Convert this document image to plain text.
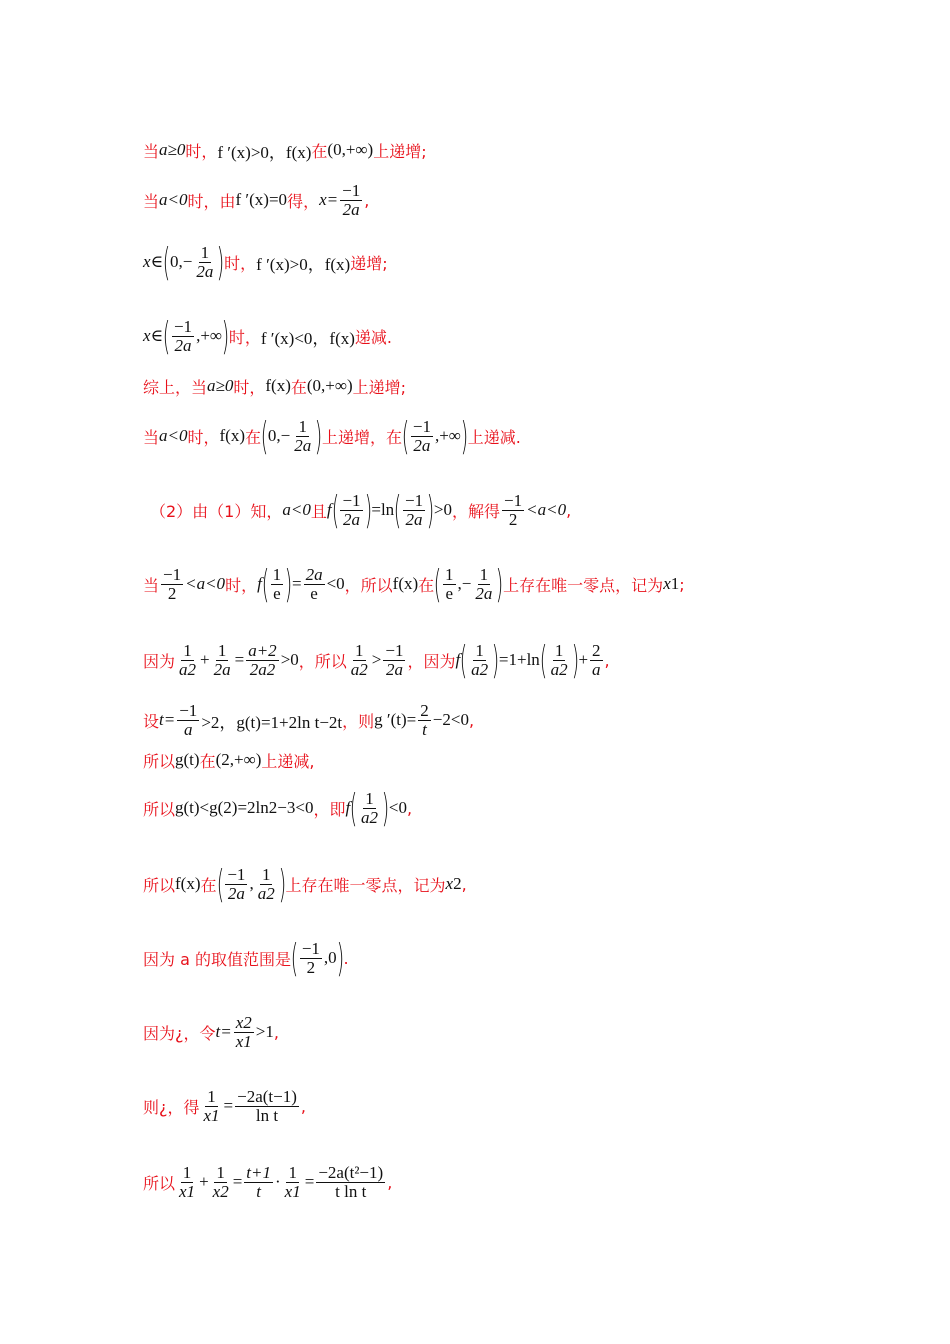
当 a≥0 时， f ′(x)>0，f(x) 在 (0,+∞) 上递增;
当 a<0 时，由 f ′(x)=0 得， $x= \frac{-1}{2a}$ ,
x∈ ( $0,- \frac{1}{2a}$ ) 时， f ′(x)>0，f(x) 递增;
x∈ ( $\frac{-1}{2a}$ ,+∞ ) 时， f ′(x)<0，f(x) 递减.
综上，当 a≥0 时， f(x) 在 (0,+∞) 上递增;
当 a<0 时， f(x) 在 ( $0,- \frac{1}{2a}$ ) 上递增，在 ( $\frac{-1}{2a}$ ,+∞ ) 上递减.
（2）由（1）知， a<0 且 f ( $\frac{-1}{2a}$ ) =ln ( $\frac{-1}{2a}$ ) >0 ，解得 $\frac{-1}{2} <a<0$ ,
当 $\frac{-1}{2} <a<0$ 时， f ( $\frac{1}{e}$ ) = $\frac{2a}{e} <0$ ，所以 f(x) 在 ( $\frac{1}{e}$ ,− $\frac{1}{2a}$ ) 上存在唯一零点，记为 x 1 ;
因为 $\frac{1}{a2} + \frac{1}{2a} = \frac{a+2}{2a2} >0$ ，所以 $\frac{1}{a2} > \frac{-1}{2a}$ ，因为 f ( $\frac{1}{a2}$ ) =1+ln ( $\frac{1}{a2}$ ) + $\frac{2}{a}$ ,
设 $t= \frac{-1}{a} >2$，g(t)=1+2ln t−2t ，则 g $'(t)= \frac{2}{t} -2<0$ ,
所以 g(t) 在 (2,+∞) 上递减,
所以 g(t)<g(2)=2ln2−3<0 ，即 f ( $\frac{1}{a2}$ ) <0 ,
所以 f(x) 在 ( $\frac{-1}{2a}$ , $\frac{1}{a2}$ ) 上存在唯一零点，记为 x 2 ,
因为 a 的取值范围是 ( $\frac{-1}{2} ,0$ ) .
因为¿，令 $t= \frac{x2}{x1} >1$ ,
则¿，得 $\frac{1}{x1} = \frac{-2a(t-1)}{\text{ln t}}$ ,
所以 $\frac{1}{x1} + \frac{1}{x2} = \frac{t+1}{t} \cdot \frac{1}{x1} = \frac{\text{−2a(t²−1)}}{\text{t ln t}}$ ,
